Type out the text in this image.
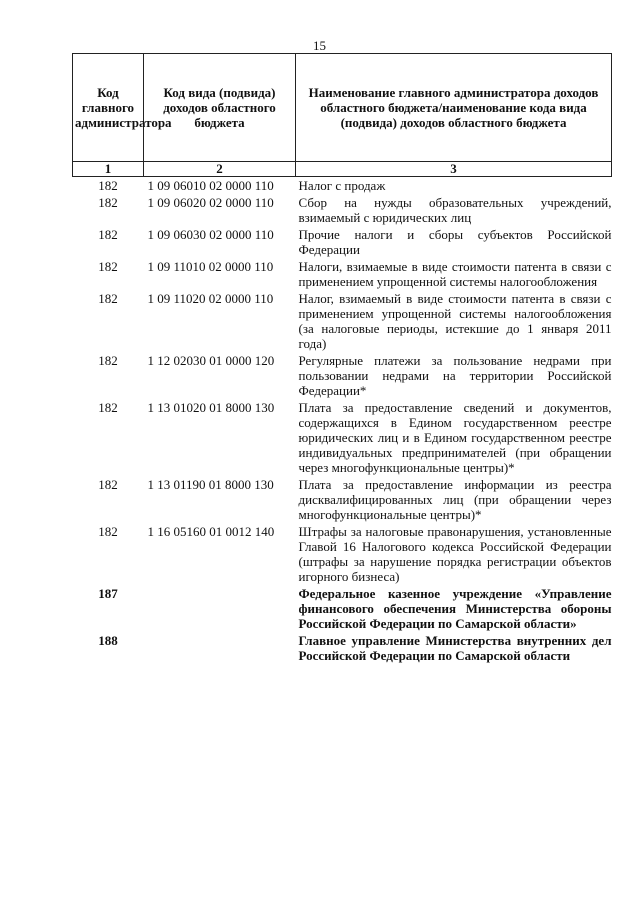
15
Код главного администратора	Код вида (подвида) доходов областного бюджета	Наименование главного администратора доходов областного бюджета/наименование кода вида (подвида) доходов областного бюджета
1	2	3
182	1 09 06010 02 0000 110	Налог с продаж
182	1 09 06020 02 0000 110	Сбор на нужды образовательных учреждений, взимаемый с юридических лиц
182	1 09 06030 02 0000 110	Прочие налоги и сборы субъектов Российской Федерации
182	1 09 11010 02 0000 110	Налоги, взимаемые в виде стоимости патента в связи с применением упрощенной системы налогообложения
182	1 09 11020 02 0000 110	Налог, взимаемый в виде стоимости патента в связи с применением упрощенной системы налогообложения (за налоговые периоды, истекшие до 1 января 2011 года)
182	1 12 02030 01 0000 120	Регулярные платежи за пользование недрами при пользовании недрами на территории Российской Федерации*
182	1 13 01020 01 8000 130	Плата за предоставление сведений и документов, содержащихся в Едином государственном реестре юридических лиц и в Едином государственном реестре индивидуальных предпринимателей (при обращении через многофункциональные центры)*
182	1 13 01190 01 8000 130	Плата за предоставление информации из реестра дисквалифицированных лиц (при обращении через многофункциональные центры)*
182	1 16 05160 01 0012 140	Штрафы за налоговые правонарушения, установленные Главой 16 Налогового кодекса Российской Федерации (штрафы за нарушение порядка регистрации объектов игорного бизнеса)
187		Федеральное казенное учреждение «Управление финансового обеспечения Министерства обороны Российской Федерации по Самарской области»
188		Главное управление Министерства внутренних дел Российской Федерации по Самарской области
